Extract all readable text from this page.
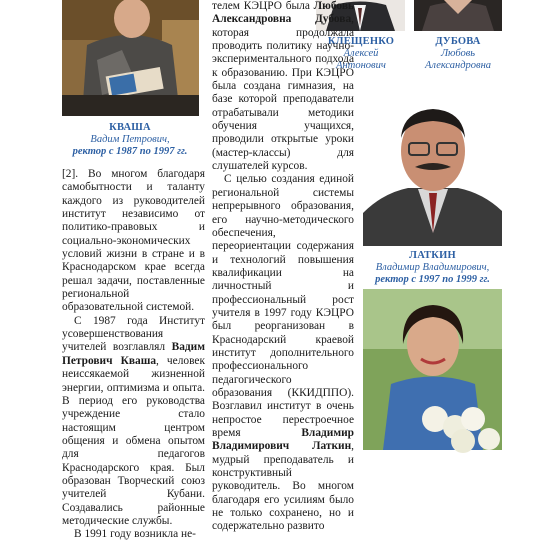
КВАША
Вадим Петрович,
ректор с 1987 по 1997 гг.
КЛЕЩЕНКО
Алексей
Антонович
ДУБОВА
Любовь
Александровна
ЛАТКИН
Владимир Владимирович,
ректор с 1997 по 1999 гг.

[2]. Во многом благодаря самобытности и таланту каждого из руководителей институт независимо от политико-правовых и социально-экономических условий жизни в стране и в Краснодарском крае всегда решал задачи, поставленные региональной образовательной системой.

С 1987 года Институт усовершенствования учителей возглавлял Вадим Петрович Кваша, человек неиссякаемой жизненной энергии, оптимизма и опыта. В период его руководства учреждение стало настоящим центром общения и обмена опытом для педагогов Краснодарского края. Был образован Творческий союз учителей Кубани. Создавались районные методические службы.

В 1991 году возникла не-

телем КЭЦРО была Любовь Александровна Дубова, которая продолжала проводить политику научно-экспериментального подхода к образованию. При КЭЦРО была создана гимназия, на базе которой преподаватели отрабатывали методики обучения учащихся, проводили открытые уроки (мастер-классы) для слушателей курсов.

С целью создания единой региональной системы непрерывного образования, его научно-методического обеспечения, переориентации содержания и технологий повышения квалификации на личностный и профессиональный рост учителя в 1997 году КЭЦРО был реорганизован в Краснодарский краевой институт дополнительного профессионального педагогического образования (ККИДППО). Возглавил институт в очень непростое перестроечное время Владимир Владимирович Латкин, мудрый преподаватель и конструктивный руководитель. Во многом благодаря его усилиям было не только сохранено, но и содержательно развито
